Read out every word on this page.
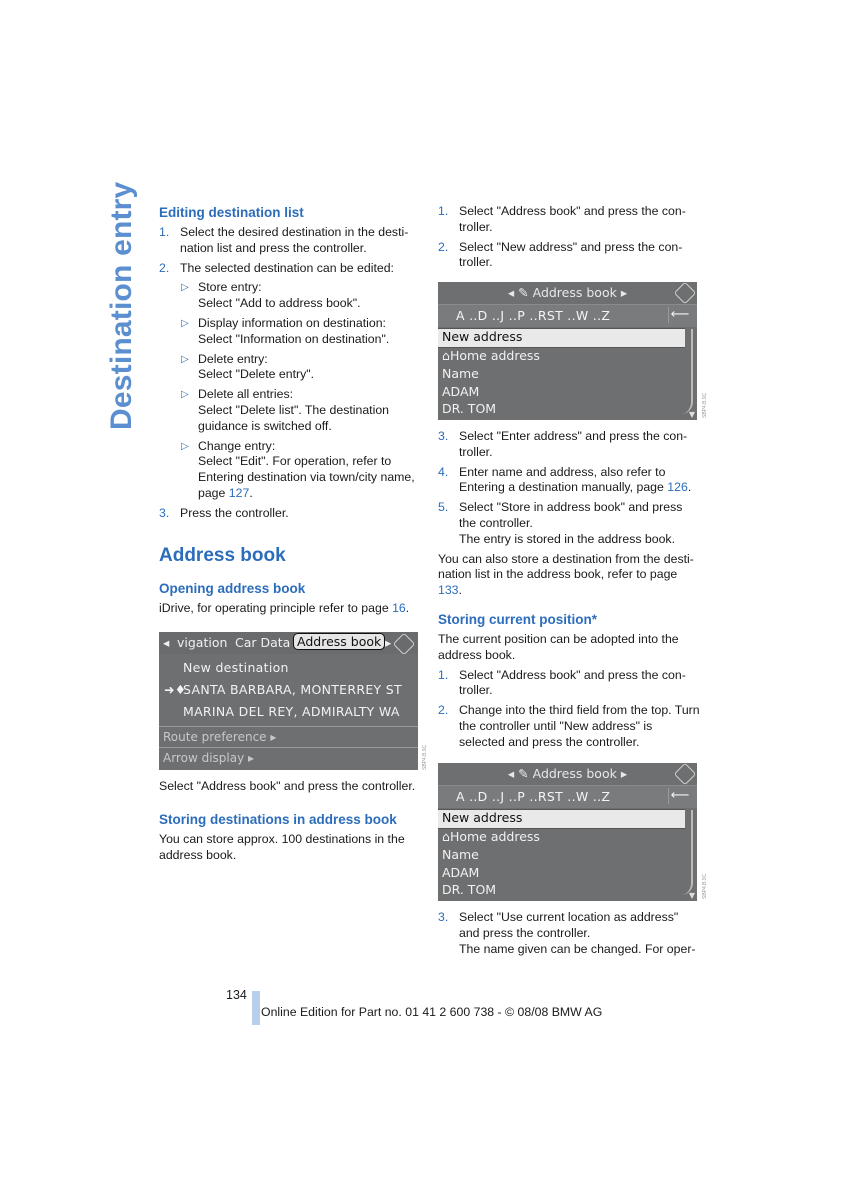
Destination entry Editing destination list
1. Select the desired destination in the desti-nation list and press the controller.
2. The selected destination can be edited:
▷ Store entry:
Select "Add to address book".
▷ Display information on destination:
Select "Information on destination".
▷ Delete entry:
Select "Delete entry".
▷ Delete all entries:
Select "Delete list". The destination guidance is switched off.
▷ Change entry:
Select "Edit". For operation, refer to Entering destination via town/city name, page 127.
3. Press the controller.
Address book
Opening address book

iDrive, for operating principle refer to page 16.

◂ vigation Car Data Address book ▸
New destination
➜♦
SANTA BARBARA, MONTERREY ST
MARINA DEL REY, ADMIRALTY WA
Route preference ▸
Arrow display ▸	SBP4.B.9C

Select "Address book" and press the controller.

Storing destinations in address book

You can store approx. 100 destinations in the address book.

1. Select "Address book" and press the con-troller.
2. Select "New address" and press the con-troller.
◂ ✎ Address book ▸
A ..D ..J ..P ..RST ..W ..Z	⟵
New address
⌂Home address
Name
ADAM
DR. TOM	▼ SBP4.B.9C
3. Select "Enter address" and press the con-troller.
4. Enter name and address, also refer to Entering a destination manually, page 126.
5. Select "Store in address book" and press the controller.
The entry is stored in the address book.

You can also store a destination from the desti-nation list in the address book, refer to page 133.

Storing current position*

The current position can be adopted into the address book.

1. Select "Address book" and press the con-troller.
2. Change into the third field from the top. Turn the controller until "New address" is selected and press the controller.
◂ ✎ Address book ▸
A ..D ..J ..P ..RST ..W ..Z	⟵
New address
⌂Home address
Name
ADAM
DR. TOM	▼ SBP4.B.9C
3. Select "Use current location as address" and press the controller.
The name given can be changed. For oper-
134
Online Edition for Part no. 01 41 2 600 738 - © 08/08 BMW AG
